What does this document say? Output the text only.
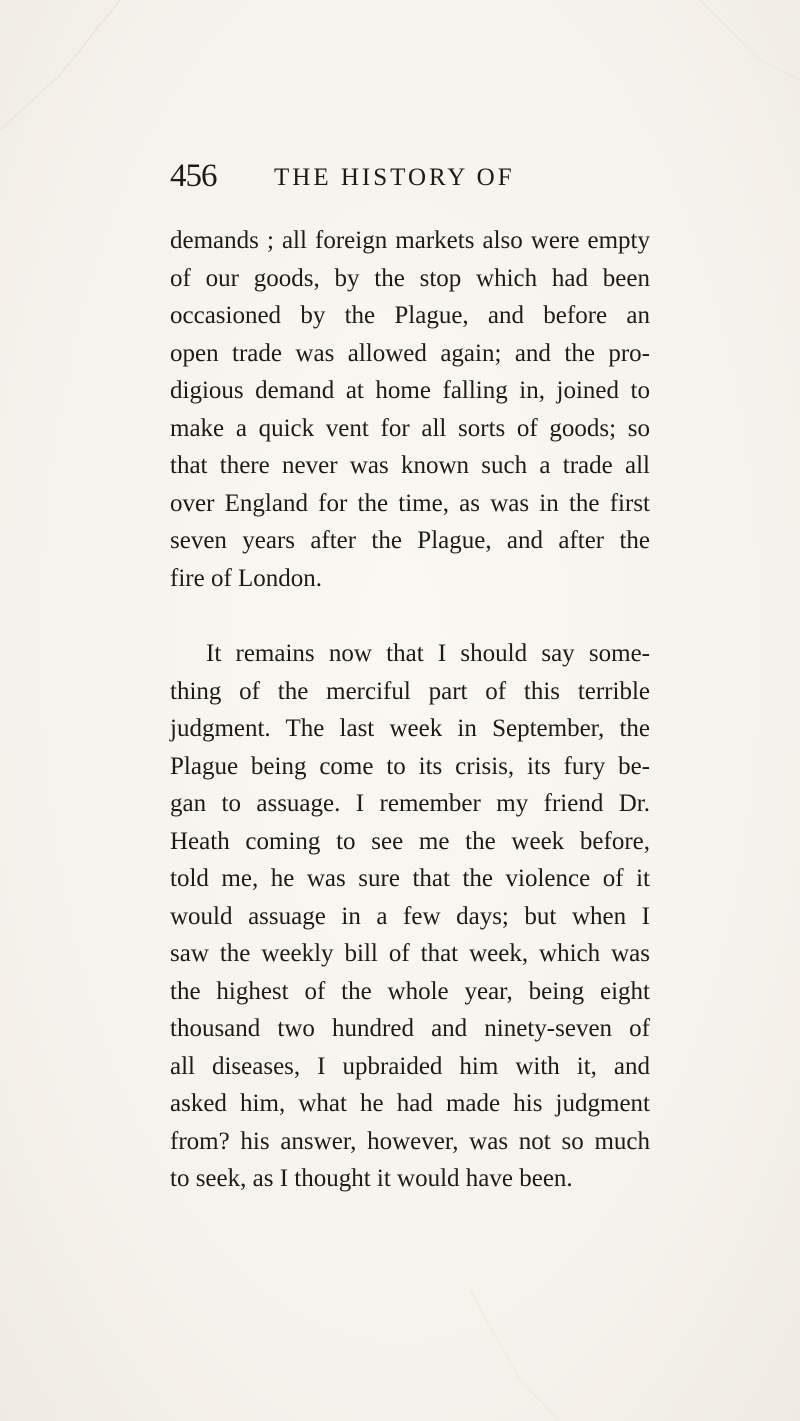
456 THE HISTORY OF
demands ; all foreign markets also were empty
of our goods, by the stop which had been
occasioned by the Plague, and before an
open trade was allowed again; and the pro-
digious demand at home falling in, joined to
make a quick vent for all sorts of goods; so
that there never was known such a trade all
over England for the time, as was in the first
seven years after the Plague, and after the
fire of London.
It remains now that I should say some-
thing of the merciful part of this terrible
judgment. The last week in September, the
Plague being come to its crisis, its fury be-
gan to assuage. I remember my friend Dr.
Heath coming to see me the week before,
told me, he was sure that the violence of it
would assuage in a few days; but when I
saw the weekly bill of that week, which was
the highest of the whole year, being eight
thousand two hundred and ninety-seven of
all diseases, I upbraided him with it, and
asked him, what he had made his judgment
from? his answer, however, was not so much
to seek, as I thought it would have been.
